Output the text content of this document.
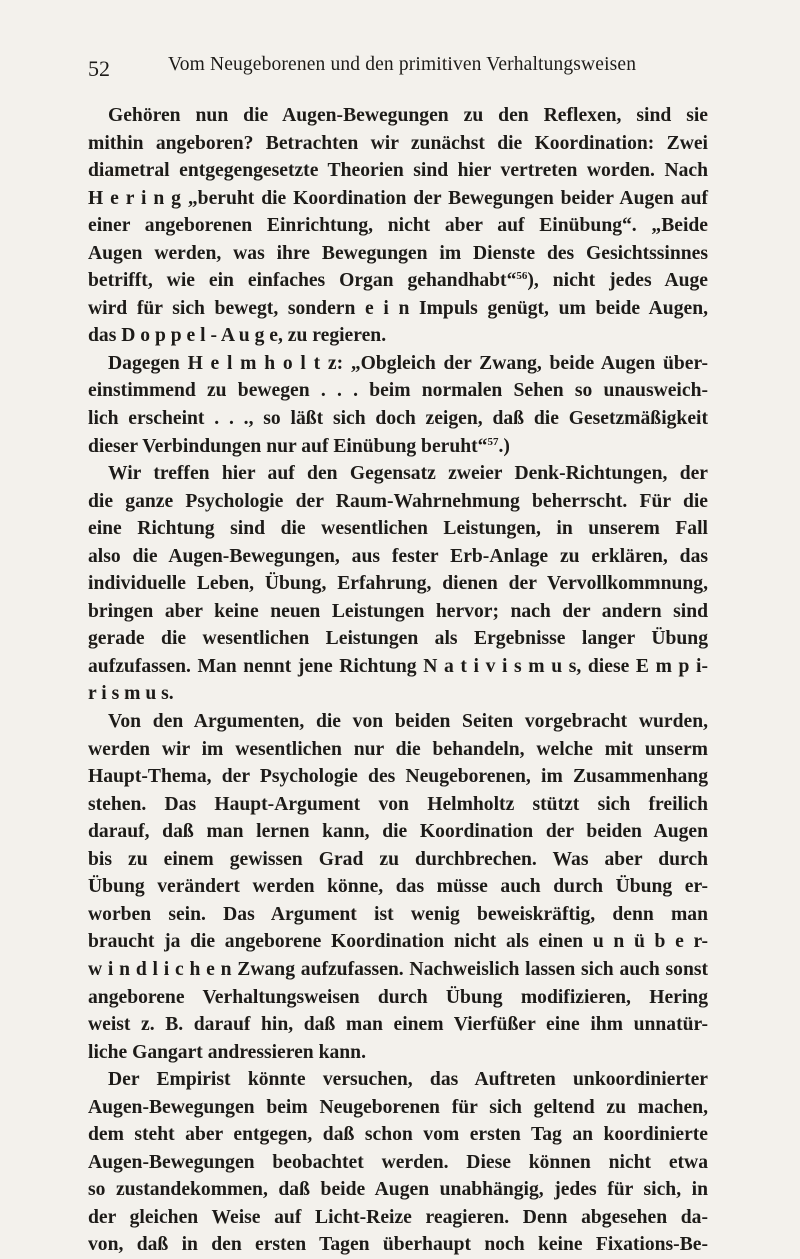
52	Vom Neugeborenen und den primitiven Verhaltungsweisen
Gehören nun die Augen-Bewegungen zu den Reflexen, sind sie
mithin angeboren? Betrachten wir zunächst die Koordination: Zwei
diametral entgegengesetzte Theorien sind hier vertreten worden. Nach
H e r i n g „beruht die Koordination der Bewegungen beider Augen auf
einer angeborenen Einrichtung, nicht aber auf Einübung“. „Beide
Augen werden, was ihre Bewegungen im Dienste des Gesichtssinnes
betrifft, wie ein einfaches Organ gehandhabt“$^{56}$), nicht jedes Auge
wird für sich bewegt, sondern e i n Impuls genügt, um beide Augen,
das D o p p e l - A u g e, zu regieren.
Dagegen H e l m h o l t z: „Obgleich der Zwang, beide Augen über-
einstimmend zu bewegen . . . beim normalen Sehen so unausweich-
lich erscheint . . ., so läßt sich doch zeigen, daß die Gesetzmäßigkeit
dieser Verbindungen nur auf Einübung beruht“$^{57}$.)
Wir treffen hier auf den Gegensatz zweier Denk-Richtungen, der
die ganze Psychologie der Raum-Wahrnehmung beherrscht. Für die
eine Richtung sind die wesentlichen Leistungen, in unserem Fall
also die Augen-Bewegungen, aus fester Erb-Anlage zu erklären, das
individuelle Leben, Übung, Erfahrung, dienen der Vervollkommnung,
bringen aber keine neuen Leistungen hervor; nach der andern sind
gerade die wesentlichen Leistungen als Ergebnisse langer Übung
aufzufassen. Man nennt jene Richtung N a t i v i s m u s, diese E m p i-
r i s m u s.
Von den Argumenten, die von beiden Seiten vorgebracht wurden,
werden wir im wesentlichen nur die behandeln, welche mit unserm
Haupt-Thema, der Psychologie des Neugeborenen, im Zusammenhang
stehen. Das Haupt-Argument von Helmholtz stützt sich freilich
darauf, daß man lernen kann, die Koordination der beiden Augen
bis zu einem gewissen Grad zu durchbrechen. Was aber durch
Übung verändert werden könne, das müsse auch durch Übung er-
worben sein. Das Argument ist wenig beweiskräftig, denn man
braucht ja die angeborene Koordination nicht als einen u n ü b e r-
w i n d l i c h e n Zwang aufzufassen. Nachweislich lassen sich auch sonst
angeborene Verhaltungsweisen durch Übung modifizieren, Hering
weist z. B. darauf hin, daß man einem Vierfüßer eine ihm unnatür-
liche Gangart andressieren kann.
Der Empirist könnte versuchen, das Auftreten unkoordinierter
Augen-Bewegungen beim Neugeborenen für sich geltend zu machen,
dem steht aber entgegen, daß schon vom ersten Tag an koordinierte
Augen-Bewegungen beobachtet werden. Diese können nicht etwa
so zustandekommen, daß beide Augen unabhängig, jedes für sich, in
der gleichen Weise auf Licht-Reize reagieren. Denn abgesehen da-
von, daß in den ersten Tagen überhaupt noch keine Fixations-Be-
